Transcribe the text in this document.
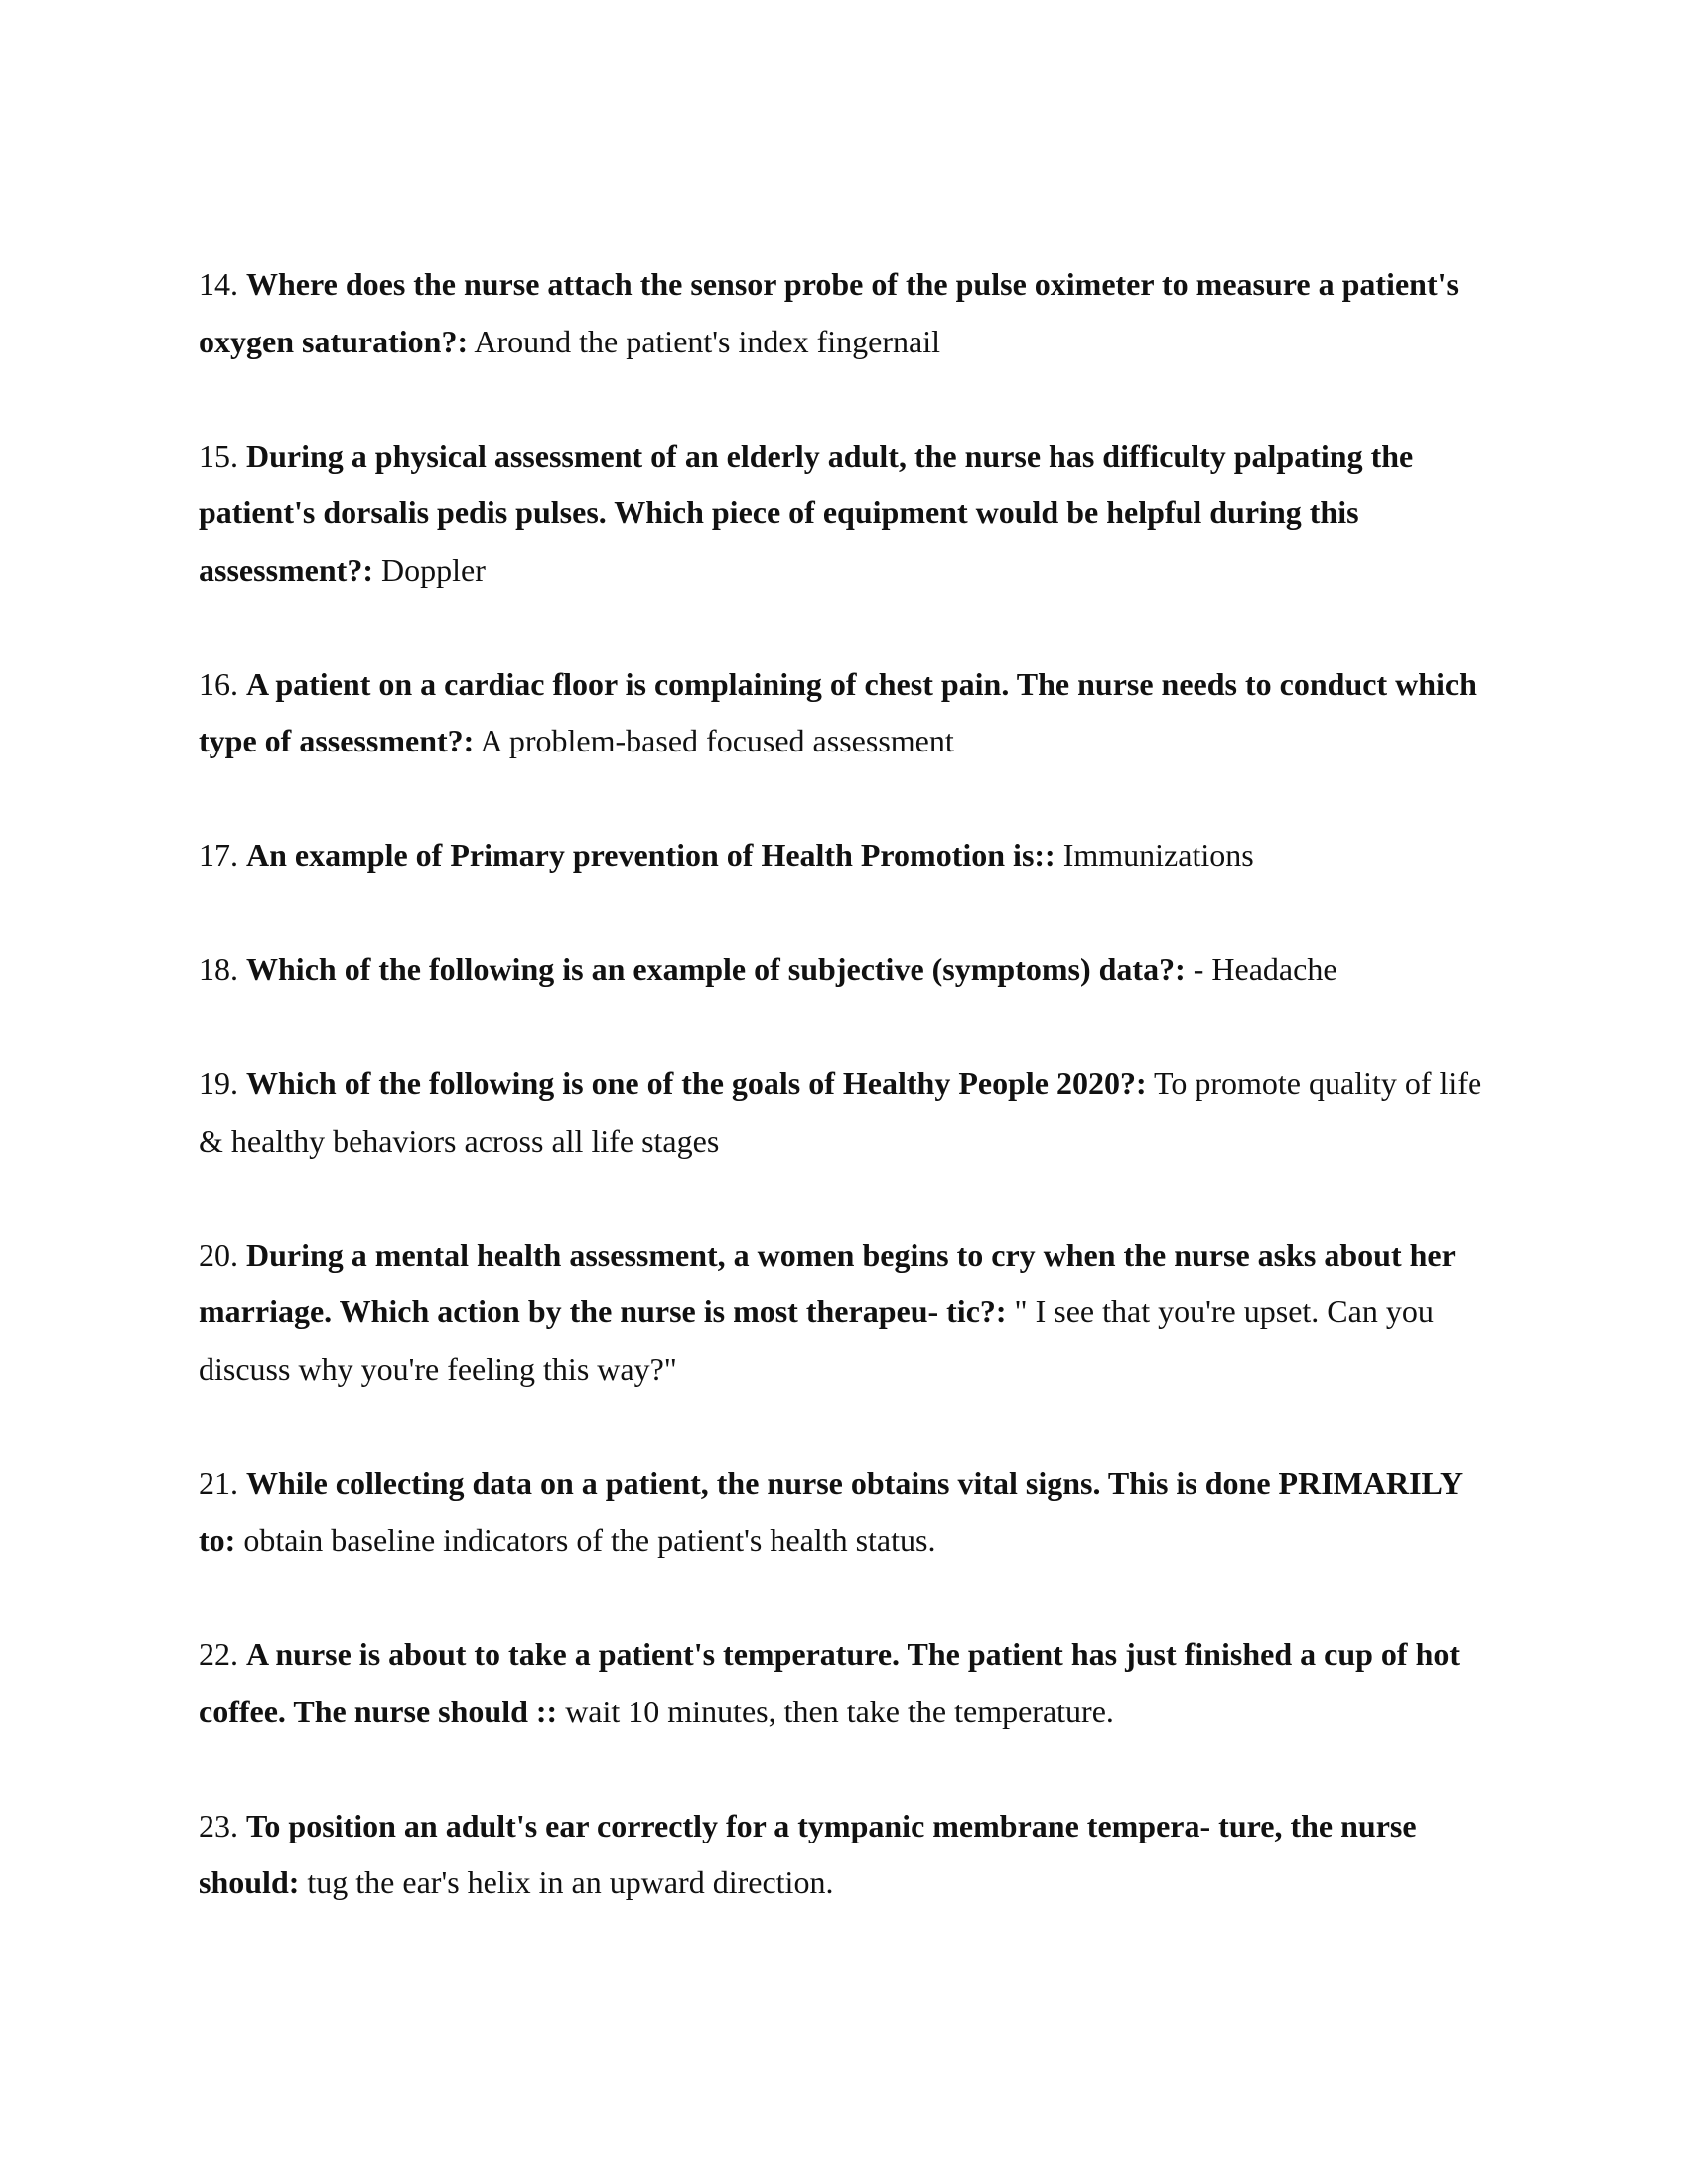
14. Where does the nurse attach the sensor probe of the pulse oximeter to measure a patient's oxygen saturation?: Around the patient's index fingernail
15. During a physical assessment of an elderly adult, the nurse has difficulty palpating the patient's dorsalis pedis pulses. Which piece of equipment would be helpful during this assessment?: Doppler
16. A patient on a cardiac floor is complaining of chest pain. The nurse needs to conduct which type of assessment?: A problem-based focused assessment
17. An example of Primary prevention of Health Promotion is:: Immunizations
18. Which of the following is an example of subjective (symptoms) data?: - Headache
19. Which of the following is one of the goals of Healthy People 2020?: To promote quality of life & healthy behaviors across all life stages
20. During a mental health assessment, a women begins to cry when the nurse asks about her marriage. Which action by the nurse is most therapeu- tic?: " I see that you're upset. Can you discuss why you're feeling this way?"
21. While collecting data on a patient, the nurse obtains vital signs. This is done PRIMARILY to: obtain baseline indicators of the patient's health status.
22. A nurse is about to take a patient's temperature. The patient has just finished a cup of hot coffee. The nurse should :: wait 10 minutes, then take the temperature.
23. To position an adult's ear correctly for a tympanic membrane tempera- ture, the nurse should: tug the ear's helix in an upward direction.
